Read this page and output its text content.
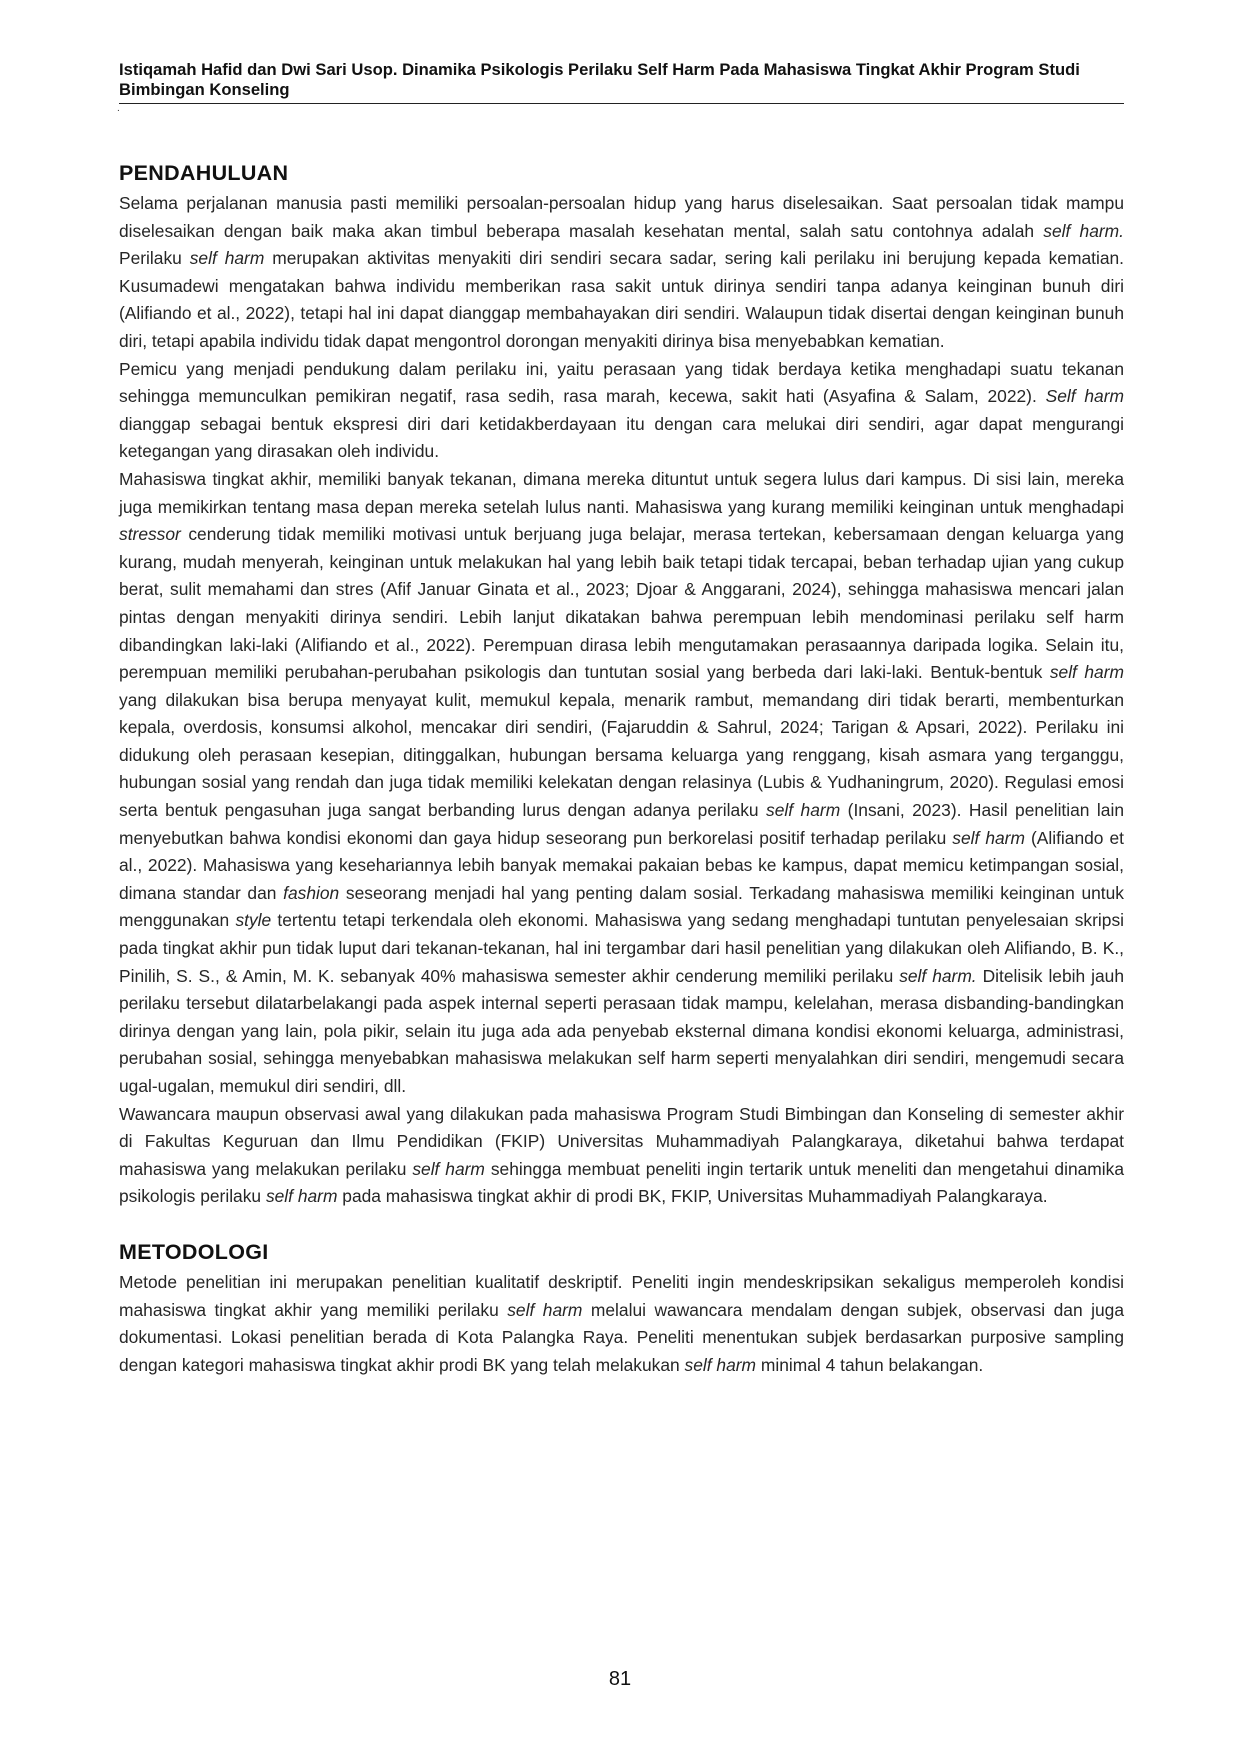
Istiqamah Hafid dan Dwi Sari Usop. Dinamika Psikologis Perilaku Self Harm Pada Mahasiswa Tingkat Akhir Program Studi Bimbingan Konseling
.
PENDAHULUAN

Selama perjalanan manusia pasti memiliki persoalan-persoalan hidup yang harus diselesaikan. Saat persoalan tidak mampu diselesaikan dengan baik maka akan timbul beberapa masalah kesehatan mental, salah satu contohnya adalah self harm. Perilaku self harm merupakan aktivitas menyakiti diri sendiri secara sadar, sering kali perilaku ini berujung kepada kematian. Kusumadewi mengatakan bahwa individu memberikan rasa sakit untuk dirinya sendiri tanpa adanya keinginan bunuh diri (Alifiando et al., 2022), tetapi hal ini dapat dianggap membahayakan diri sendiri. Walaupun tidak disertai dengan keinginan bunuh diri, tetapi apabila individu tidak dapat mengontrol dorongan menyakiti dirinya bisa menyebabkan kematian.

Pemicu yang menjadi pendukung dalam perilaku ini, yaitu perasaan yang tidak berdaya ketika menghadapi suatu tekanan sehingga memunculkan pemikiran negatif, rasa sedih, rasa marah, kecewa, sakit hati (Asyafina & Salam, 2022). Self harm dianggap sebagai bentuk ekspresi diri dari ketidakberdayaan itu dengan cara melukai diri sendiri, agar dapat mengurangi ketegangan yang dirasakan oleh individu.

Mahasiswa tingkat akhir, memiliki banyak tekanan, dimana mereka dituntut untuk segera lulus dari kampus. Di sisi lain, mereka juga memikirkan tentang masa depan mereka setelah lulus nanti. Mahasiswa yang kurang memiliki keinginan untuk menghadapi stressor cenderung tidak memiliki motivasi untuk berjuang juga belajar, merasa tertekan, kebersamaan dengan keluarga yang kurang, mudah menyerah, keinginan untuk melakukan hal yang lebih baik tetapi tidak tercapai, beban terhadap ujian yang cukup berat, sulit memahami dan stres (Afif Januar Ginata et al., 2023; Djoar & Anggarani, 2024), sehingga mahasiswa mencari jalan pintas dengan menyakiti dirinya sendiri. Lebih lanjut dikatakan bahwa perempuan lebih mendominasi perilaku self harm dibandingkan laki-laki (Alifiando et al., 2022). Perempuan dirasa lebih mengutamakan perasaannya daripada logika. Selain itu, perempuan memiliki perubahan-perubahan psikologis dan tuntutan sosial yang berbeda dari laki-laki. Bentuk-bentuk self harm yang dilakukan bisa berupa menyayat kulit, memukul kepala, menarik rambut, memandang diri tidak berarti, membenturkan kepala, overdosis, konsumsi alkohol, mencakar diri sendiri, (Fajaruddin & Sahrul, 2024; Tarigan & Apsari, 2022). Perilaku ini didukung oleh perasaan kesepian, ditinggalkan, hubungan bersama keluarga yang renggang, kisah asmara yang terganggu, hubungan sosial yang rendah dan juga tidak memiliki kelekatan dengan relasinya (Lubis & Yudhaningrum, 2020). Regulasi emosi serta bentuk pengasuhan juga sangat berbanding lurus dengan adanya perilaku self harm (Insani, 2023). Hasil penelitian lain menyebutkan bahwa kondisi ekonomi dan gaya hidup seseorang pun berkorelasi positif terhadap perilaku self harm (Alifiando et al., 2022). Mahasiswa yang kesehariannya lebih banyak memakai pakaian bebas ke kampus, dapat memicu ketimpangan sosial, dimana standar dan fashion seseorang menjadi hal yang penting dalam sosial. Terkadang mahasiswa memiliki keinginan untuk menggunakan style tertentu tetapi terkendala oleh ekonomi. Mahasiswa yang sedang menghadapi tuntutan penyelesaian skripsi pada tingkat akhir pun tidak luput dari tekanan-tekanan, hal ini tergambar dari hasil penelitian yang dilakukan oleh Alifiando, B. K., Pinilih, S. S., & Amin, M. K. sebanyak 40% mahasiswa semester akhir cenderung memiliki perilaku self harm. Ditelisik lebih jauh perilaku tersebut dilatarbelakangi pada aspek internal seperti perasaan tidak mampu, kelelahan, merasa disbanding-bandingkan dirinya dengan yang lain, pola pikir, selain itu juga ada ada penyebab eksternal dimana kondisi ekonomi keluarga, administrasi, perubahan sosial, sehingga menyebabkan mahasiswa melakukan self harm seperti menyalahkan diri sendiri, mengemudi secara ugal-ugalan, memukul diri sendiri, dll.

Wawancara maupun observasi awal yang dilakukan pada mahasiswa Program Studi Bimbingan dan Konseling di semester akhir di Fakultas Keguruan dan Ilmu Pendidikan (FKIP) Universitas Muhammadiyah Palangkaraya, diketahui bahwa terdapat mahasiswa yang melakukan perilaku self harm sehingga membuat peneliti ingin tertarik untuk meneliti dan mengetahui dinamika psikologis perilaku self harm pada mahasiswa tingkat akhir di prodi BK, FKIP, Universitas Muhammadiyah Palangkaraya.

METODOLOGI

Metode penelitian ini merupakan penelitian kualitatif deskriptif. Peneliti ingin mendeskripsikan sekaligus memperoleh kondisi mahasiswa tingkat akhir yang memiliki perilaku self harm melalui wawancara mendalam dengan subjek, observasi dan juga dokumentasi. Lokasi penelitian berada di Kota Palangka Raya. Peneliti menentukan subjek berdasarkan purposive sampling dengan kategori mahasiswa tingkat akhir prodi BK yang telah melakukan self harm minimal 4 tahun belakangan.

81
